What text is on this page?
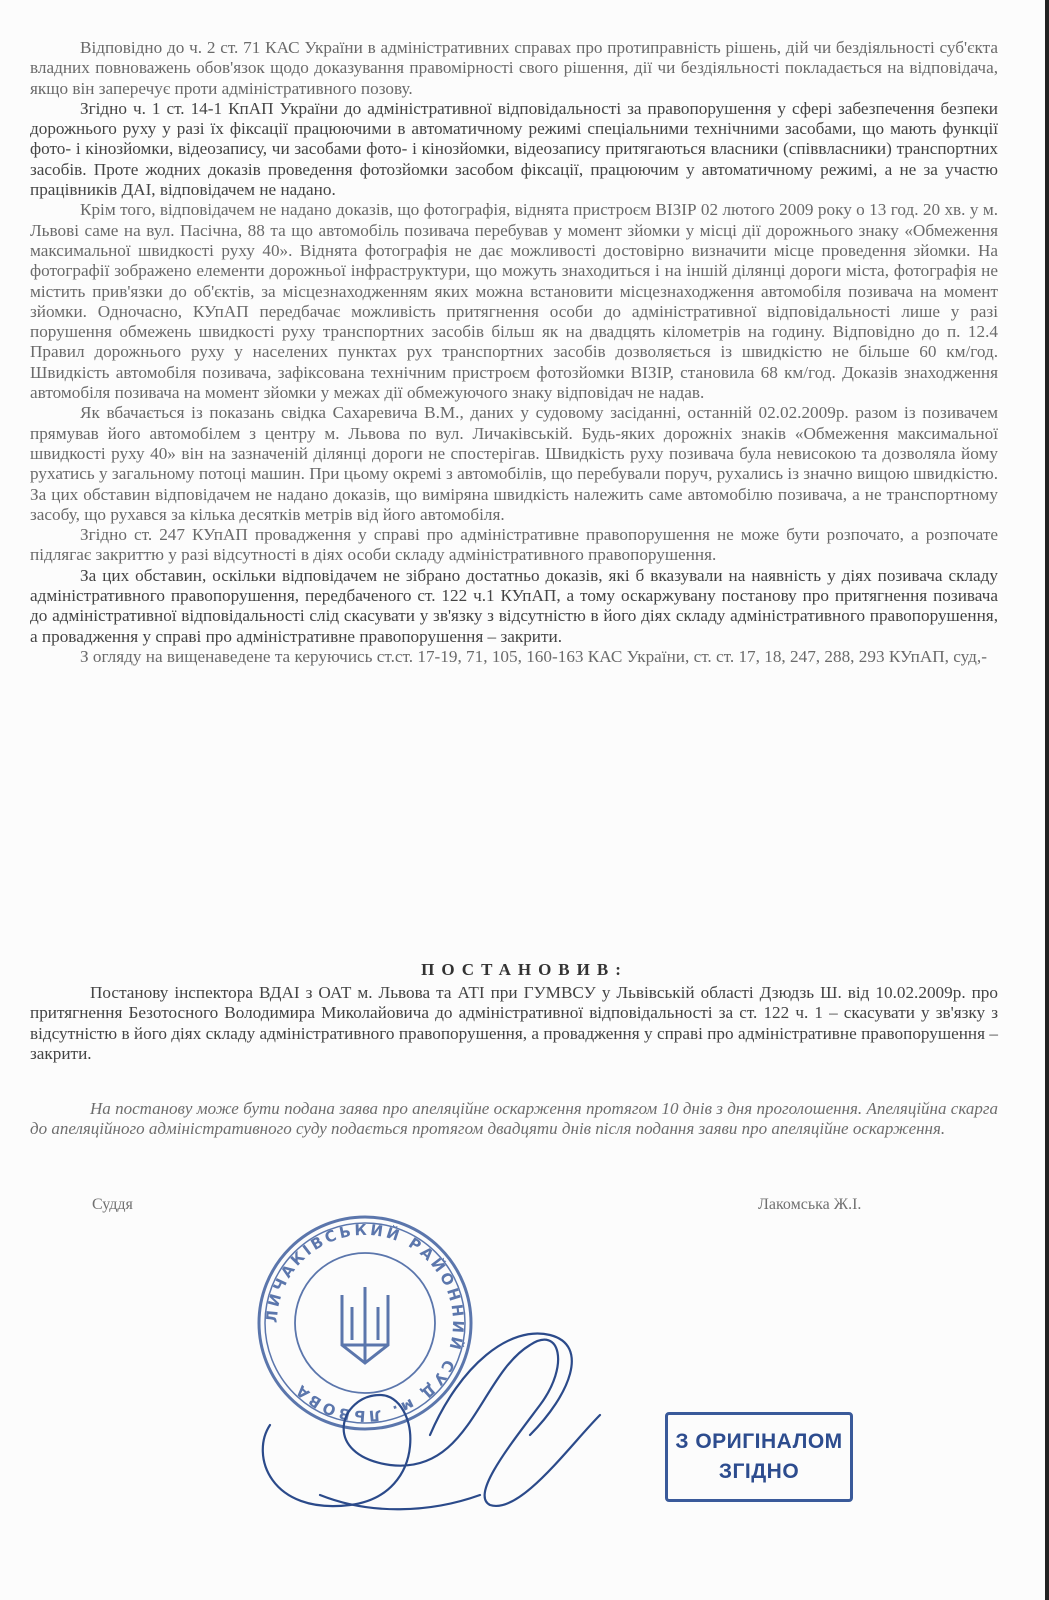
Відповідно до ч. 2 ст. 71 КАС України в адміністративних справах про протиправність рішень, дій чи бездіяльності суб'єкта владних повноважень обов'язок щодо доказування правомірності свого рішення, дії чи бездіяльності покладається на відповідача, якщо він заперечує проти адміністративного позову.

Згідно ч. 1 ст. 14-1 КпАП України до адміністративної відповідальності за правопорушення у сфері забезпечення безпеки дорожнього руху у разі їх фіксації працюючими в автоматичному режимі спеціальними технічними засобами, що мають функції фото- і кінозйомки, відеозапису, чи засобами фото- і кінозйомки, відеозапису притягаються власники (співвласники) транспортних засобів. Проте жодних доказів проведення фотозйомки засобом фіксації, працюючим у автоматичному режимі, а не за участю працівників ДАІ, відповідачем не надано.

Крім того, відповідачем не надано доказів, що фотографія, віднята пристроєм ВІЗІР 02 лютого 2009 року о 13 год. 20 хв. у м. Львові саме на вул. Пасічна, 88 та що автомобіль позивача перебував у момент зйомки у місці дії дорожнього знаку «Обмеження максимальної швидкості руху 40». Віднята фотографія не дає можливості достовірно визначити місце проведення зйомки. На фотографії зображено елементи дорожньої інфраструктури, що можуть знаходиться і на іншій ділянці дороги міста, фотографія не містить прив'язки до об'єктів, за місцезнаходженням яких можна встановити місцезнаходження автомобіля позивача на момент зйомки. Одночасно, КУпАП передбачає можливість притягнення особи до адміністративної відповідальності лише у разі порушення обмежень швидкості руху транспортних засобів більш як на двадцять кілометрів на годину. Відповідно до п. 12.4 Правил дорожнього руху у населених пунктах рух транспортних засобів дозволяється із швидкістю не більше 60 км/год. Швидкість автомобіля позивача, зафіксована технічним пристроєм фотозйомки ВІЗІР, становила 68 км/год. Доказів знаходження автомобіля позивача на момент зйомки у межах дії обмежуючого знаку відповідач не надав.

Як вбачається із показань свідка Сахаревича В.М., даних у судовому засіданні, останній 02.02.2009р. разом із позивачем прямував його автомобілем з центру м. Львова по вул. Личаківській. Будь-яких дорожніх знаків «Обмеження максимальної швидкості руху 40» він на зазначеній ділянці дороги не спостерігав. Швидкість руху позивача була невисокою та дозволяла йому рухатись у загальному потоці машин. При цьому окремі з автомобілів, що перебували поруч, рухались із значно вищою швидкістю. За цих обставин відповідачем не надано доказів, що виміряна швидкість належить саме автомобілю позивача, а не транспортному засобу, що рухався за кілька десятків метрів від його автомобіля.

Згідно ст. 247 КУпАП провадження у справі про адміністративне правопорушення не може бути розпочато, а розпочате підлягає закриттю у разі відсутності в діях особи складу адміністративного правопорушення.

За цих обставин, оскільки відповідачем не зібрано достатньо доказів, які б вказували на наявність у діях позивача складу адміністративного правопорушення, передбаченого ст. 122 ч.1 КУпАП, а тому оскаржувану постанову про притягнення позивача до адміністративної відповідальності слід скасувати у зв'язку з відсутністю в його діях складу адміністративного правопорушення, а провадження у справі про адміністративне правопорушення – закрити.

З огляду на вищенаведене та керуючись ст.ст. 17-19, 71, 105, 160-163 КАС України, ст. ст. 17, 18, 247, 288, 293 КУпАП, суд,-

ПОСТАНОВИВ:

Постанову інспектора ВДАІ з ОАТ м. Львова та АТІ при ГУМВСУ у Львівській області Дзюдзь Ш. від 10.02.2009р. про притягнення Безотосного Володимира Миколайовича до адміністративної відповідальності за ст. 122 ч. 1 – скасувати у зв'язку з відсутністю в його діях складу адміністративного правопорушення, а провадження у справі про адміністративне правопорушення – закрити.

На постанову може бути подана заява про апеляційне оскарження протягом 10 днів з дня проголошення. Апеляційна скарга до апеляційного адміністративного суду подається протягом двадцяти днів після подання заяви про апеляційне оскарження.

Суддя	Лакомська Ж.І.
ЛИЧАКІВСЬКИЙ РАЙОННИЙ СУД м. ЛЬВОВА
З ОРИГІНАЛОМ
ЗГІДНО
